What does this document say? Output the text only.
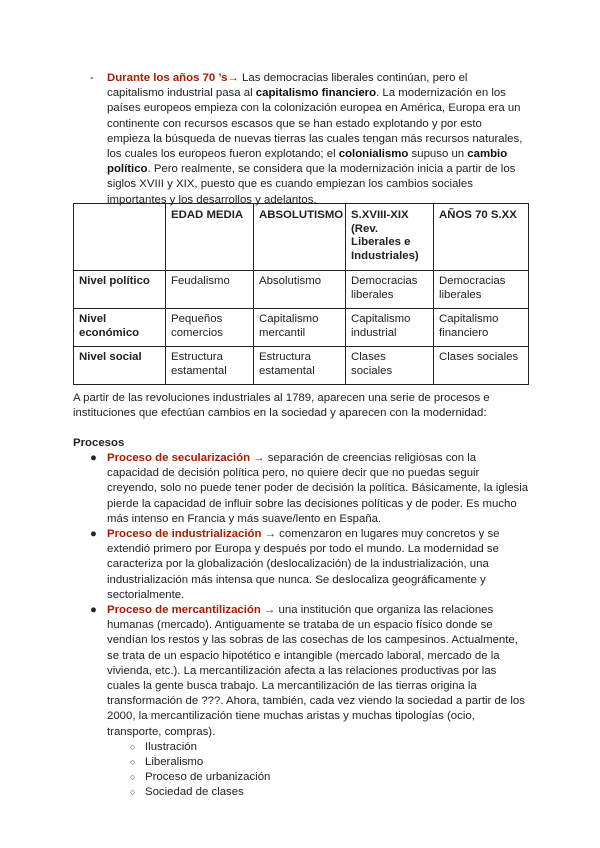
- Durante los años 70 ’s→ Las democracias liberales continúan, pero el capitalismo industrial pasa al capitalismo financiero. La modernización en los países europeos empieza con la colonización europea en América, Europa era un continente con recursos escasos que se han estado explotando y por esto empieza la búsqueda de nuevas tierras las cuales tengan más recursos naturales, los cuales los europeos fueron explotando; el colonialismo supuso un cambio político. Pero realmente, se considera que la modernización inicia a partir de los siglos XVIII y XIX, puesto que es cuando empiezan los cambios sociales importantes y los desarrollos y adelantos.
	EDAD MEDIA	ABSOLUTISMO	S.XVIII-XIX (Rev. Liberales e Industriales)	AÑOS 70 S.XX
Nivel político	Feudalismo	Absolutismo	Democracias liberales	Democracias liberales
Nivel económico	Pequeños comercios	Capitalismo mercantil	Capitalismo industrial	Capitalismo financiero
Nivel social	Estructura estamental	Estructura estamental	Clases sociales	Clases sociales
A partir de las revoluciones industriales al 1789, aparecen una serie de procesos e instituciones que efectúan cambios en la sociedad y aparecen con la modernidad:
Procesos
● Proceso de secularización → separación de creencias religiosas con la capacidad de decisión política pero, no quiere decir que no puedas seguir creyendo, solo no puede tener poder de decisión la política. Básicamente, la iglesia pierde la capacidad de influir sobre las decisiones políticas y de poder. Es mucho más intenso en Francia y más suave/lento en España.
● Proceso de industrialización → comenzaron en lugares muy concretos y se extendió primero por Europa y después por todo el mundo. La modernidad se caracteriza por la globalización (deslocalización) de la industrialización, una industrialización más intensa que nunca. Se deslocaliza geográficamente y sectorialmente.
● Proceso de mercantilización → una institución que organiza las relaciones humanas (mercado). Antiguamente se trataba de un espacio físico donde se vendían los restos y las sobras de las cosechas de los campesinos. Actualmente, se trata de un espacio hipotético e intangible (mercado laboral, mercado de la vivienda, etc.). La mercantilización afecta a las relaciones productivas por las cuales la gente busca trabajo. La mercantilización de las tierras origina la transformación de ???. Ahora, también, cada vez viendo la sociedad a partir de los 2000, la mercantilización tiene muchas aristas y muchas tipologías (ocio, transporte, compras).
○ Ilustración
○ Liberalismo
○ Proceso de urbanización
○ Sociedad de clases
